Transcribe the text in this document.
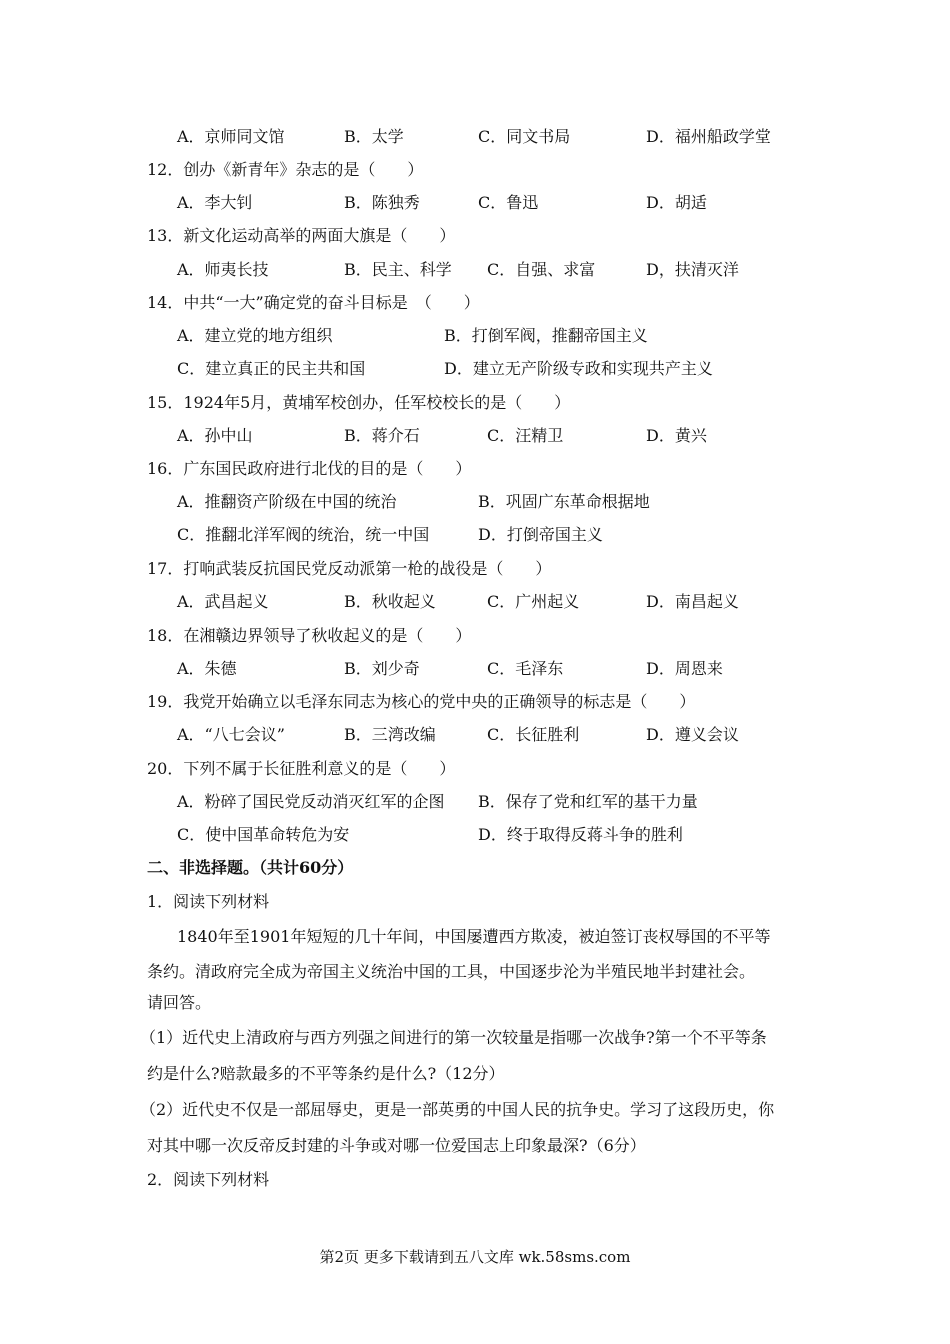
A．京师同文馆	B．太学	C．同文书局	D．福州船政学堂
12．创办《新青年》杂志的是（　　）
A．李大钊	B．陈独秀	C．鲁迅	D．胡适
13．新文化运动高举的两面大旗是（　　）
A．师夷长技	B．民主、科学 C．自强、求富	D，扶清灭洋
14．中共“一大”确定党的奋斗目标是　（　　）
A．建立党的地方组织	B．打倒军阀，推翻帝国主义
C．建立真正的民主共和国	D．建立无产阶级专政和实现共产主义
15．1924年5月，黄埔军校创办，任军校校长的是（　　）
A．孙中山	B．蒋介石	C．汪精卫	D．黄兴
16．广东国民政府进行北伐的目的是（　　）
A．推翻资产阶级在中国的统治	B．巩固广东革命根据地
C．推翻北洋军阀的统治，统一中国	D．打倒帝国主义
17．打响武装反抗国民党反动派第一枪的战役是（　　）
A．武昌起义	B．秋收起义	C．广州起义	D．南昌起义
18．在湘赣边界领导了秋收起义的是（　　）
A．朱德	B．刘少奇	C．毛泽东	D．周恩来
19．我党开始确立以毛泽东同志为核心的党中央的正确领导的标志是（　　）
A．“八七会议”	B．三湾改编	C．长征胜利	D．遵义会议
20．下列不属于长征胜利意义的是（　　）
A．粉碎了国民党反动消灭红军的企图 B．保存了党和红军的基干力量
C．使中国革命转危为安	D．终于取得反蒋斗争的胜利
二、非选择题。（共计60分）
1．阅读下列材料
1840年至1901年短短的几十年间，中国屡遭西方欺凌，被迫签订丧权辱国的不平等
条约。清政府完全成为帝国主义统治中国的工具，中国逐步沦为半殖民地半封建社会。
请回答。
（1）近代史上清政府与西方列强之间进行的第一次较量是指哪一次战争?第一个不平等条
约是什么?赔款最多的不平等条约是什么?（12分）
（2）近代史不仅是一部屈辱史，更是一部英勇的中国人民的抗争史。学习了这段历史，你
对其中哪一次反帝反封建的斗争或对哪一位爱国志上印象最深?（6分）
2．阅读下列材料
第2页 更多下载请到五八文库 wk.58sms.com
